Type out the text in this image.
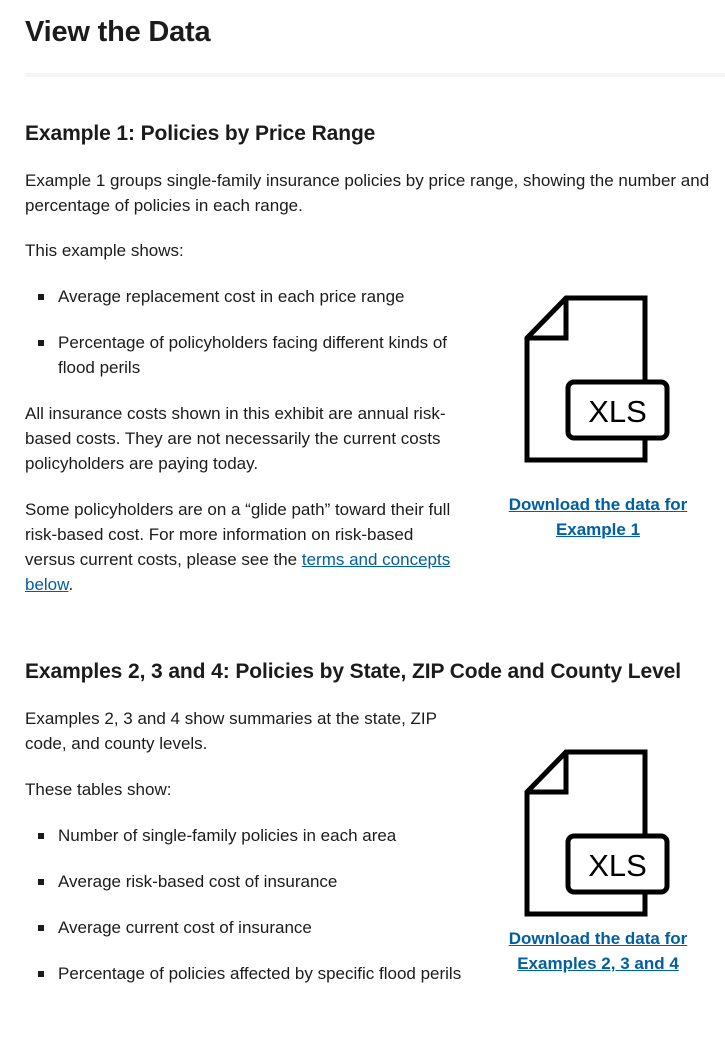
View the Data
Example 1: Policies by Price Range

Example 1 groups single-family insurance policies by price range, showing the number and percentage of policies in each range.

This example shows:

Average replacement cost in each price range
Percentage of policyholders facing different kinds of flood perils

All insurance costs shown in this exhibit are annual risk-based costs. They are not necessarily the current costs policyholders are paying today.

Some policyholders are on a “glide path” toward their full risk-based cost. For more information on risk-based versus current costs, please see the terms and concepts below.

XLS
Download the data for Example 1
Examples 2, 3 and 4: Policies by State, ZIP Code and County Level

Examples 2, 3 and 4 show summaries at the state, ZIP code, and county levels.

These tables show:

Number of single-family policies in each area
Average risk-based cost of insurance
Average current cost of insurance
Percentage of policies affected by specific flood perils
XLS
Download the data for Examples 2, 3 and 4
